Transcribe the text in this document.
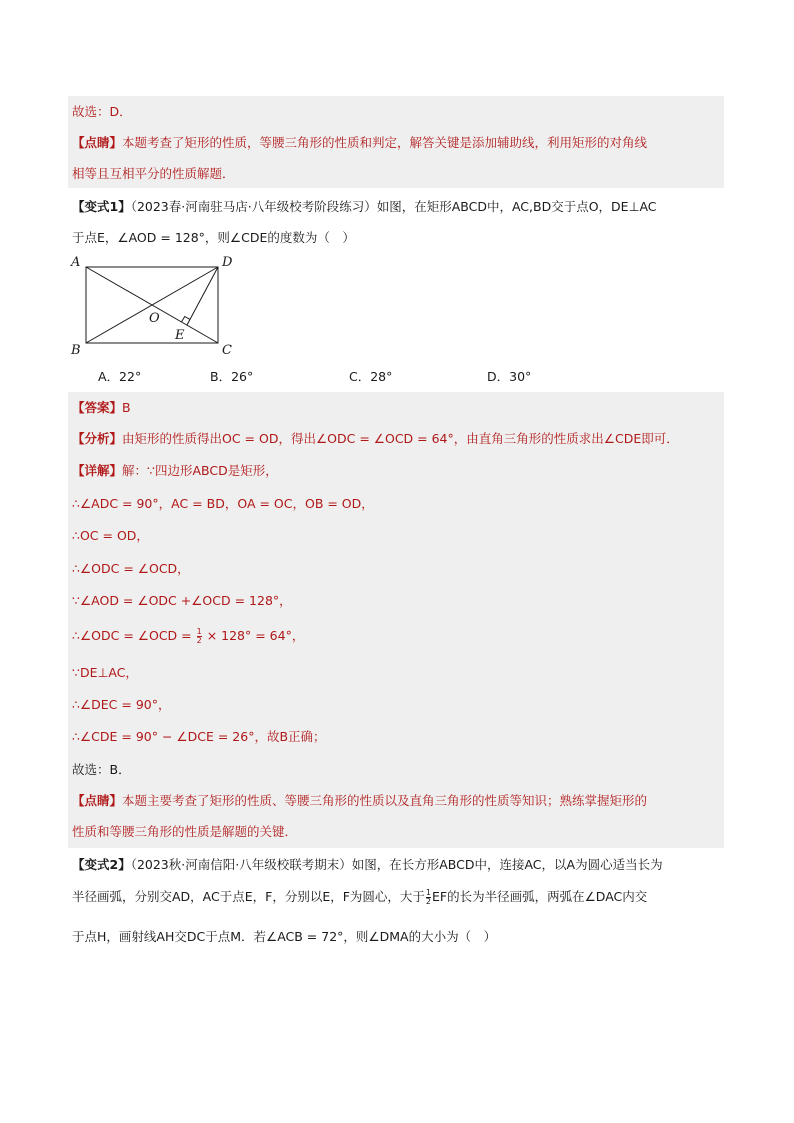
故选：D．
【点睛】本题考查了矩形的性质，等腰三角形的性质和判定，解答关键是添加辅助线，利用矩形的对角线
相等且互相平分的性质解题．
【变式1】（2023春·河南驻马店·八年级校考阶段练习）如图，在矩形ABCD中，AC,BD交于点O，DE⊥AC
于点E，∠AOD = 128°，则∠CDE的度数为（　）
A	D
B	C
O
E
A．22°	B．26°	C．28°	D．30°
【答案】B
【分析】由矩形的性质得出OC = OD，得出∠ODC = ∠OCD = 64°，由直角三角形的性质求出∠CDE即可．
【详解】解：∵四边形ABCD是矩形，
∴∠ADC = 90°，AC = BD，OA = OC，OB = OD，
∴OC = OD，
∴∠ODC = ∠OCD，
∵∠AOD = ∠ODC +∠OCD = 128°，
∴∠ODC = ∠OCD = $\frac{1}{2} \times 128^\circ = 64^\circ$，
∵DE⊥AC，
∴∠DEC = 90°，
∴∠CDE = 90° − ∠DCE = 26°，故B正确；
故选：B．
【点睛】本题主要考查了矩形的性质、等腰三角形的性质以及直角三角形的性质等知识；熟练掌握矩形的
性质和等腰三角形的性质是解题的关键．
【变式2】（2023秋·河南信阳·八年级校联考期末）如图，在长方形ABCD中，连接AC，以A为圆心适当长为
半径画弧，分别交AD，AC于点E，F，分别以E，F为圆心，大于 $\frac{1}{2}$ EF的长为半径画弧，两弧在∠DAC内交
于点H，画射线AH交DC于点M．若∠ACB = 72°，则∠DMA的大小为（　）
